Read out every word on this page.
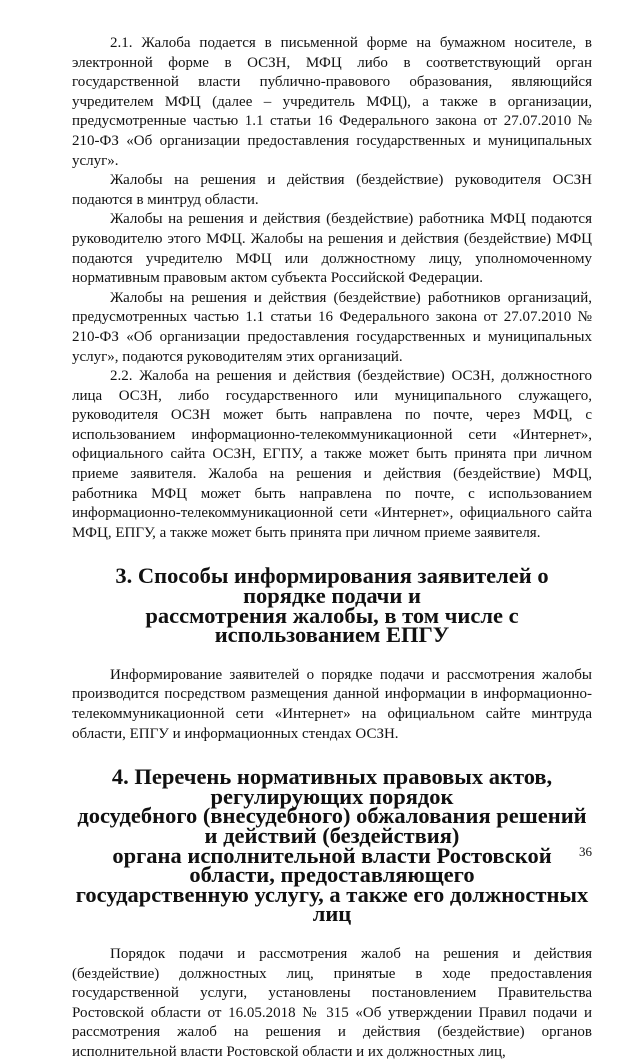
2.1. Жалоба подается в письменной форме на бумажном носителе, в электронной форме в ОСЗН, МФЦ либо в соответствующий орган государственной власти публично-правового образования, являющийся учредителем МФЦ (далее – учредитель МФЦ), а также в организации, предусмотренные частью 1.1 статьи 16 Федерального закона от 27.07.2010 № 210-ФЗ «Об организации предоставления государственных и муниципальных услуг».

Жалобы на решения и действия (бездействие) руководителя ОСЗН подаются в минтруд области.

Жалобы на решения и действия (бездействие) работника МФЦ подаются руководителю этого МФЦ. Жалобы на решения и действия (бездействие) МФЦ подаются учредителю МФЦ или должностному лицу, уполномоченному нормативным правовым актом субъекта Российской Федерации.

Жалобы на решения и действия (бездействие) работников организаций, предусмотренных частью 1.1 статьи 16 Федерального закона от 27.07.2010 № 210-ФЗ «Об организации предоставления государственных и муниципальных услуг», подаются руководителям этих организаций.

2.2. Жалоба на решения и действия (бездействие) ОСЗН, должностного лица ОСЗН, либо государственного или муниципального служащего, руководителя ОСЗН может быть направлена по почте, через МФЦ, с использованием информационно-телекоммуникационной сети «Интернет», официального сайта ОСЗН, ЕГПУ, а также может быть принята при личном приеме заявителя. Жалоба на решения и действия (бездействие) МФЦ, работника МФЦ может быть направлена по почте, с использованием информационно-телекоммуникационной сети «Интернет», официального сайта МФЦ, ЕПГУ, а также может быть принята при личном приеме заявителя.

3. Способы информирования заявителей о порядке подачи и
рассмотрения жалобы, в том числе с использованием ЕПГУ

Информирование заявителей о порядке подачи и рассмотрения жалобы производится посредством размещения данной информации в информационно-телекоммуникационной сети «Интернет» на официальном сайте минтруда области, ЕПГУ и информационных стендах ОСЗН.

4. Перечень нормативных правовых актов, регулирующих порядок
досудебного (внесудебного) обжалования решений и действий (бездействия)
органа исполнительной власти Ростовской области, предоставляющего
государственную услугу, а также его должностных лиц

Порядок подачи и рассмотрения жалоб на решения и действия (бездействие) должностных лиц, принятые в ходе предоставления государственной услуги, установлены постановлением Правительства Ростовской области от 16.05.2018 № 315 «Об утверждении Правил подачи и рассмотрения жалоб на решения и действия (бездействие) органов исполнительной власти Ростовской области и их должностных лиц,

36
